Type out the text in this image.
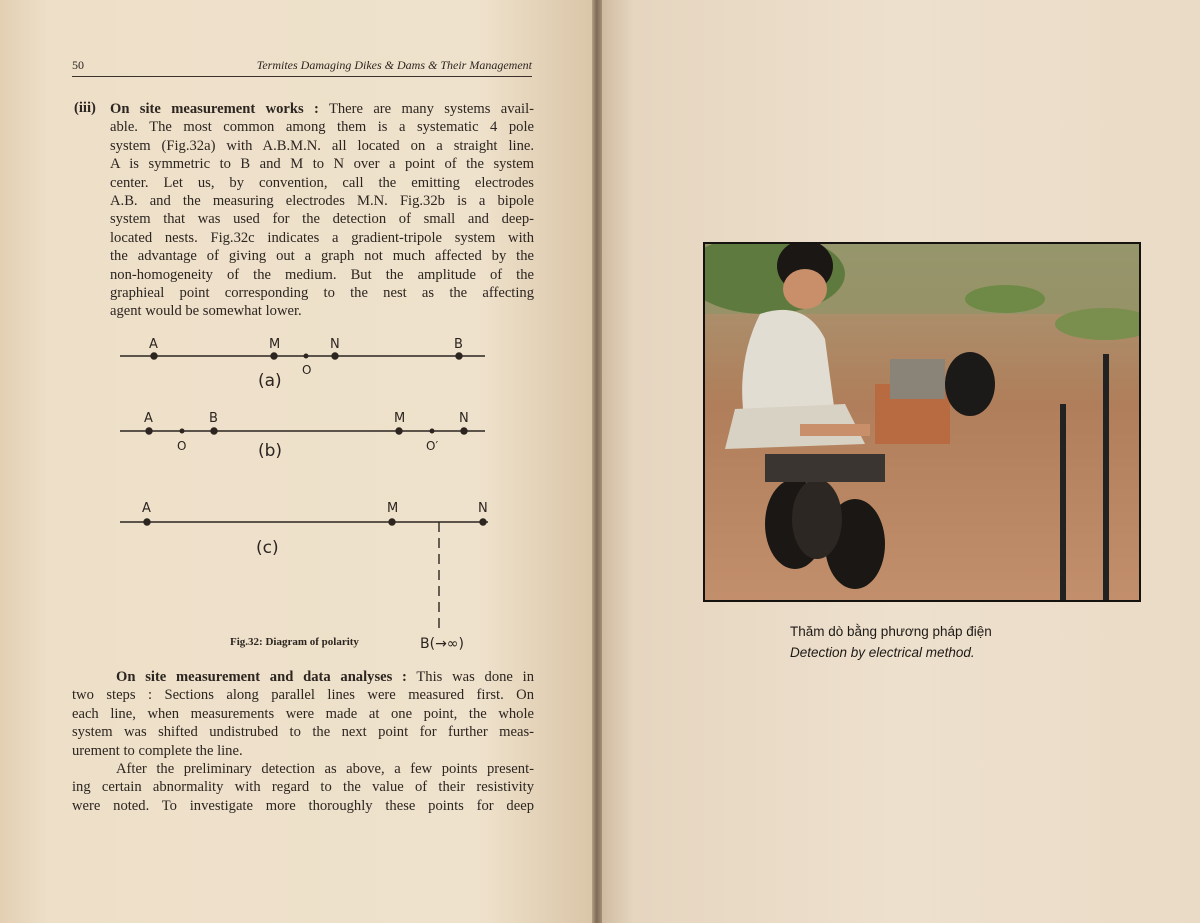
50	Termites Damaging Dikes & Dams & Their Management
(iii) On site measurement works : There are many systems avail-
able. The most common among them is a systematic 4 pole
system (Fig.32a) with A.B.M.N. all located on a straight line.
A is symmetric to B and M to N over a point of the system
center. Let us, by convention, call the emitting electrodes
A.B. and the measuring electrodes M.N. Fig.32b is a bipole
system that was used for the detection of small and deep-
located nests. Fig.32c indicates a gradient-tripole system with
the advantage of giving out a graph not much affected by the
non-homogeneity of the medium. But the amplitude of the
graphieal point corresponding to the nest as the affecting
agent would be somewhat lower.
A	M	N	B
O
(a)
A	B	M	N
O	O′
(b)
A	M	N
(c)
B(→∞)
Fig.32: Diagram of polarity
On site measurement and data analyses : This was done in
two steps : Sections along parallel lines were measured first. On
each line, when measurements were made at one point, the whole
system was shifted undistrubed to the next point for further meas-
urement to complete the line.
After the preliminary detection as above, a few points present-
ing certain abnormality with regard to the value of their resistivity
were noted. To investigate more thoroughly these points for deep
Thăm dò bằng phương pháp điện
Detection by electrical method.
